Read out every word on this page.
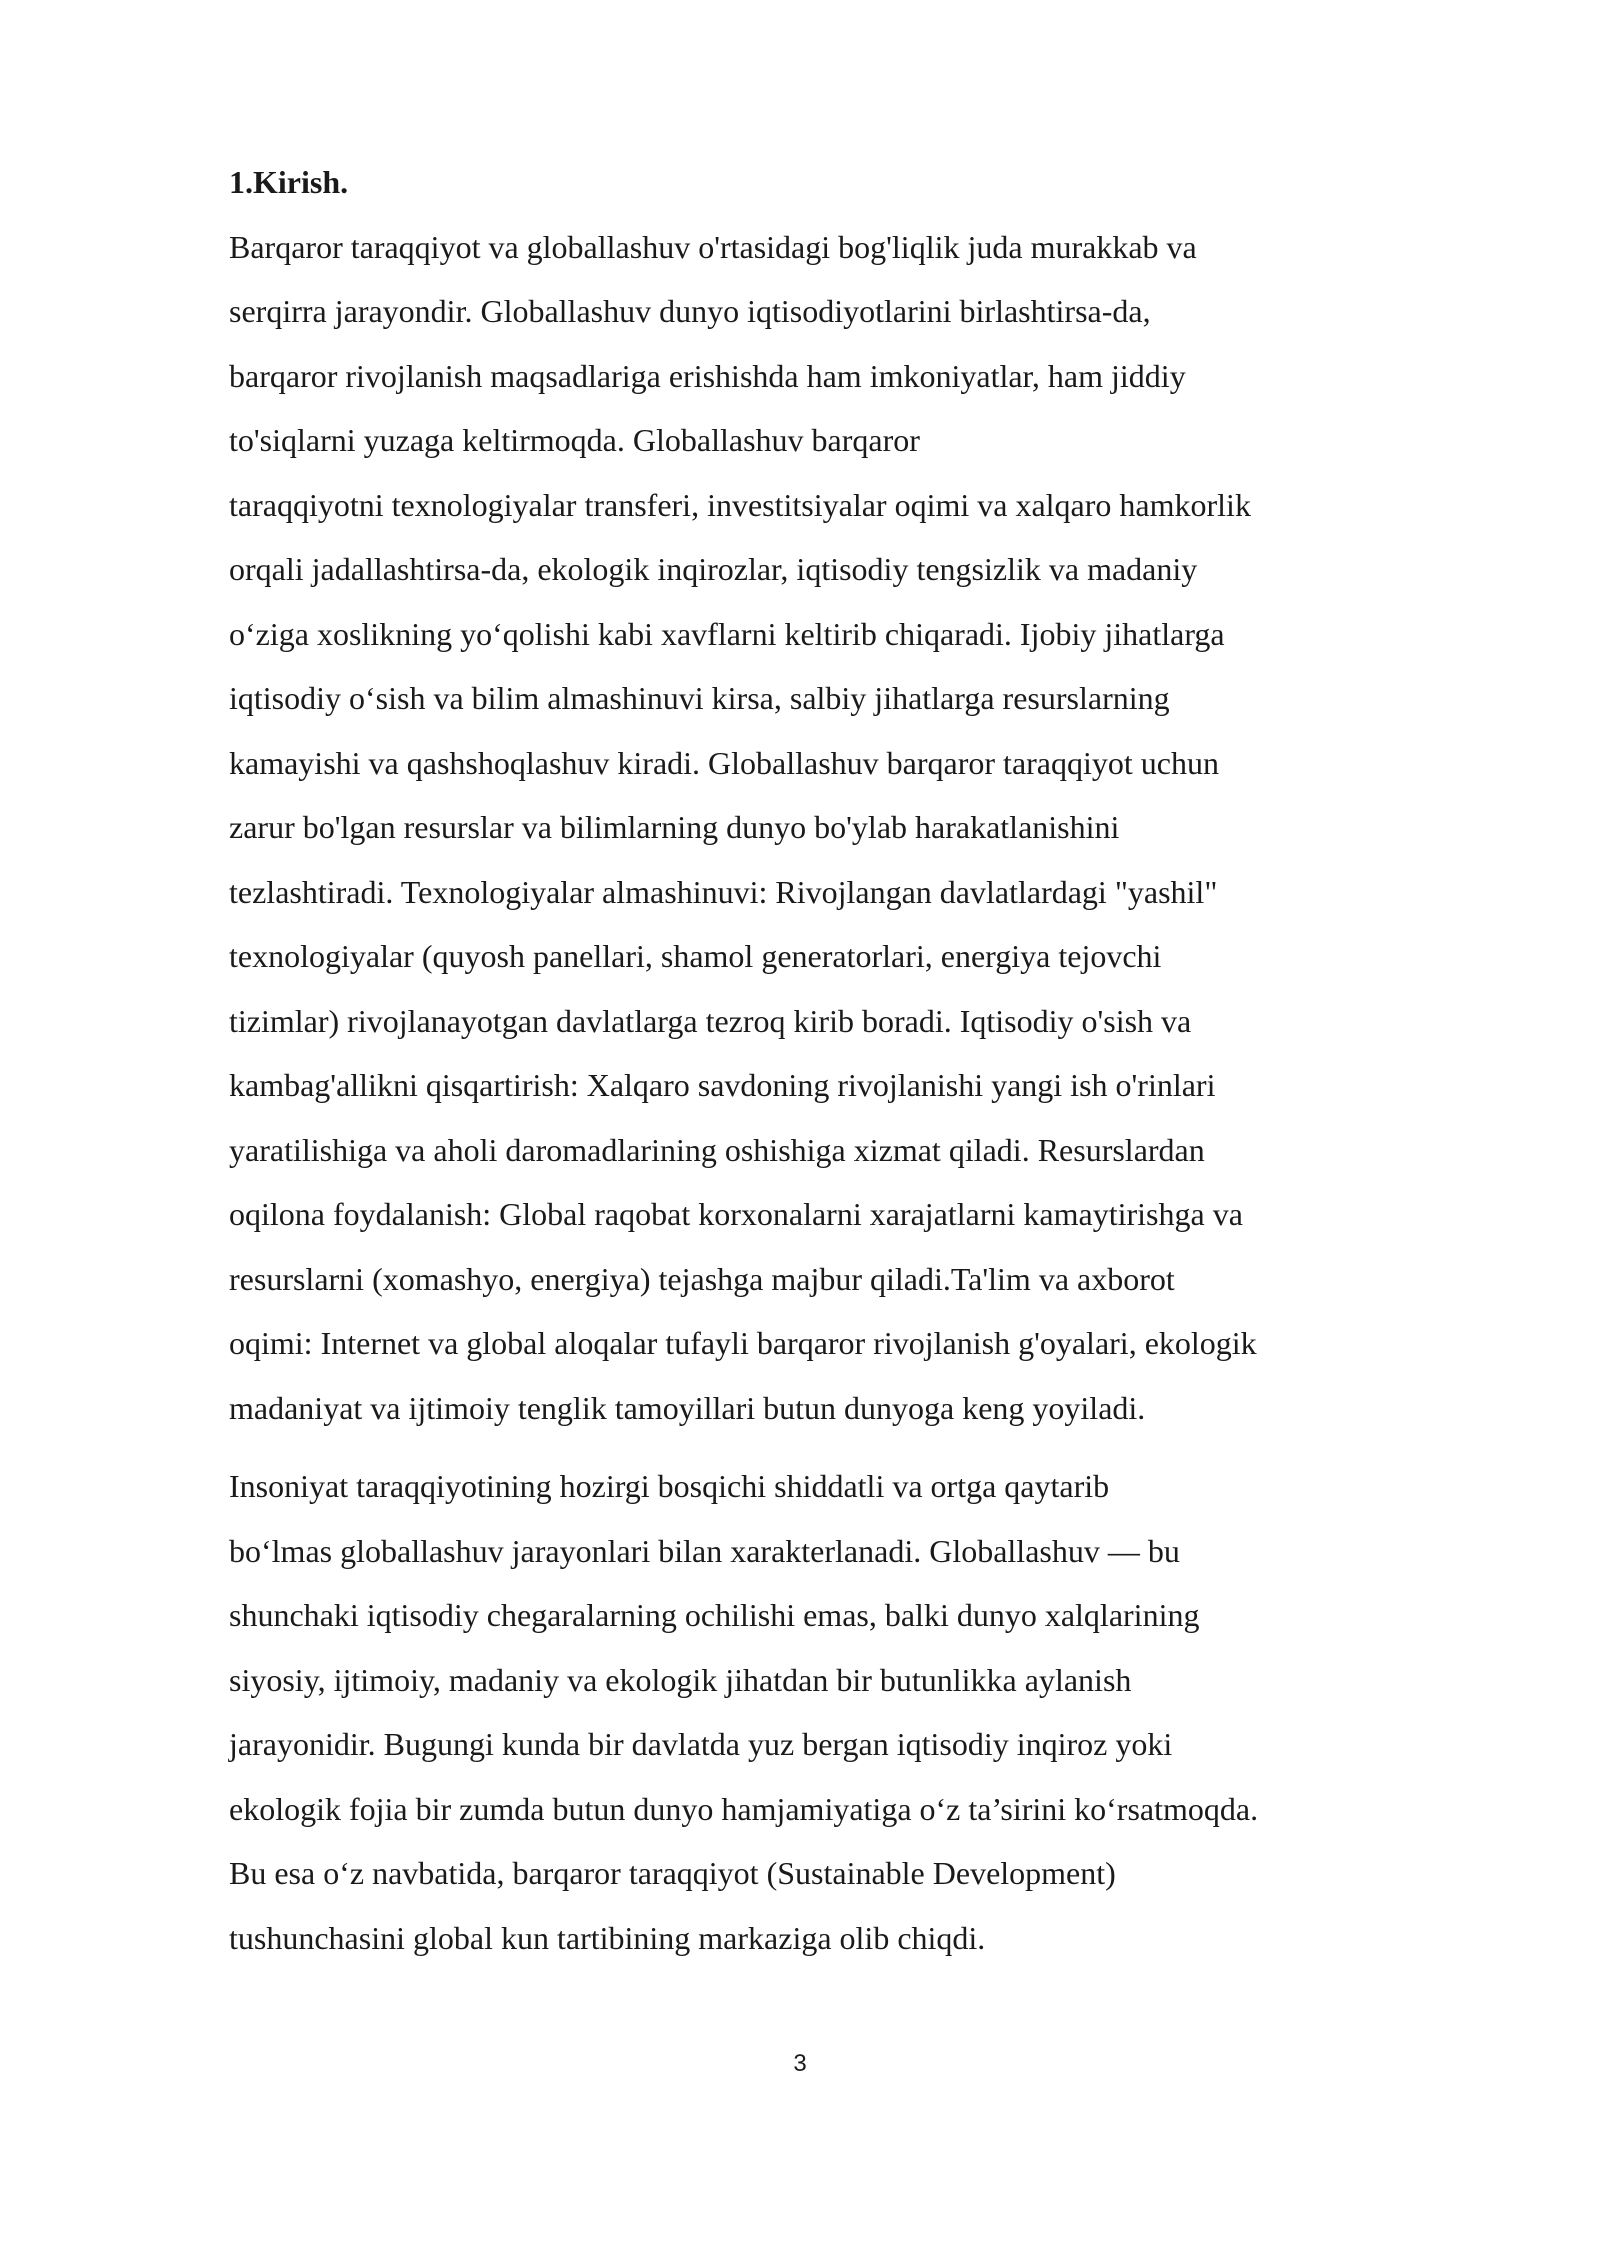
1.Kirish.
Barqaror taraqqiyot va globallashuv o'rtasidagi bog'liqlik juda murakkab va
serqirra jarayondir. Globallashuv dunyo iqtisodiyotlarini birlashtirsa-da,
barqaror rivojlanish maqsadlariga erishishda ham imkoniyatlar, ham jiddiy
to'siqlarni yuzaga keltirmoqda. Globallashuv barqaror
taraqqiyotni texnologiyalar transferi, investitsiyalar oqimi va xalqaro hamkorlik
orqali jadallashtirsa-da, ekologik inqirozlar, iqtisodiy tengsizlik va madaniy
o‘ziga xoslikning yo‘qolishi kabi xavflarni keltirib chiqaradi. Ijobiy jihatlarga
iqtisodiy o‘sish va bilim almashinuvi kirsa, salbiy jihatlarga resurslarning
kamayishi va qashshoqlashuv kiradi. Globallashuv barqaror taraqqiyot uchun
zarur bo'lgan resurslar va bilimlarning dunyo bo'ylab harakatlanishini
tezlashtiradi. Texnologiyalar almashinuvi: Rivojlangan davlatlardagi "yashil"
texnologiyalar (quyosh panellari, shamol generatorlari, energiya tejovchi
tizimlar) rivojlanayotgan davlatlarga tezroq kirib boradi. Iqtisodiy o'sish va
kambag'allikni qisqartirish: Xalqaro savdoning rivojlanishi yangi ish o'rinlari
yaratilishiga va aholi daromadlarining oshishiga xizmat qiladi. Resurslardan
oqilona foydalanish: Global raqobat korxonalarni xarajatlarni kamaytirishga va
resurslarni (xomashyo, energiya) tejashga majbur qiladi.Ta'lim va axborot
oqimi: Internet va global aloqalar tufayli barqaror rivojlanish g'oyalari, ekologik
madaniyat va ijtimoiy tenglik tamoyillari butun dunyoga keng yoyiladi.
Insoniyat taraqqiyotining hozirgi bosqichi shiddatli va ortga qaytarib
bo‘lmas globallashuv jarayonlari bilan xarakterlanadi. Globallashuv — bu
shunchaki iqtisodiy chegaralarning ochilishi emas, balki dunyo xalqlarining
siyosiy, ijtimoiy, madaniy va ekologik jihatdan bir butunlikka aylanish
jarayonidir. Bugungi kunda bir davlatda yuz bergan iqtisodiy inqiroz yoki
ekologik fojia bir zumda butun dunyo hamjamiyatiga o‘z ta’sirini ko‘rsatmoqda.
Bu esa o‘z navbatida, barqaror taraqqiyot (Sustainable Development)
tushunchasini global kun tartibining markaziga olib chiqdi.
3
